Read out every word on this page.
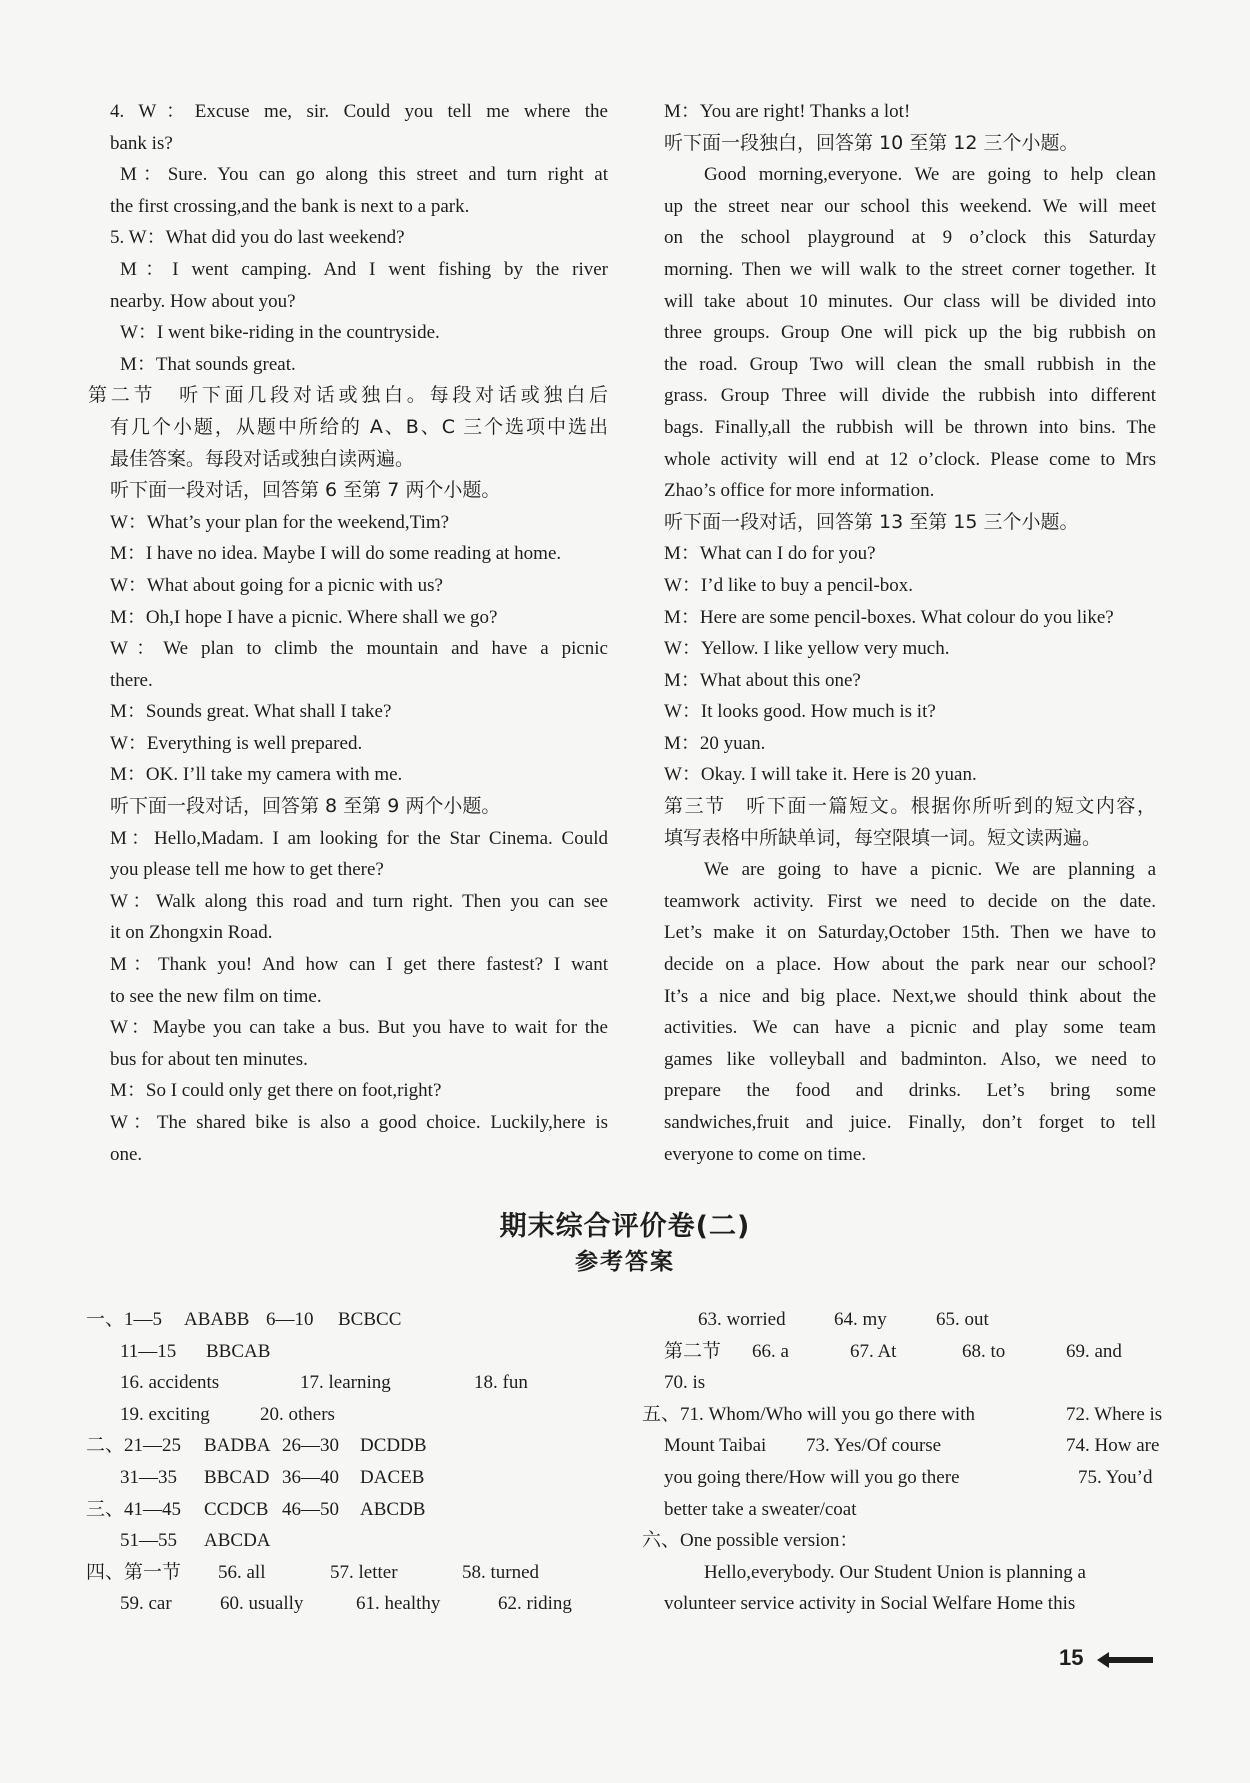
4. W：Excuse me, sir. Could you tell me where the

bank is?

M：Sure. You can go along this street and turn right at

the first crossing,and the bank is next to a park.

5. W：What did you do last weekend?

M：I went camping. And I went fishing by the river

nearby. How about you?

W：I went bike-riding in the countryside.

M：That sounds great.

第二节　听下面几段对话或独白。每段对话或独白后

有几个小题，从题中所给的 A、B、C 三个选项中选出

最佳答案。每段对话或独白读两遍。

听下面一段对话，回答第 6 至第 7 两个小题。

W：What’s your plan for the weekend,Tim?

M：I have no idea. Maybe I will do some reading at home.

W：What about going for a picnic with us?

M：Oh,I hope I have a picnic. Where shall we go?

W：We plan to climb the mountain and have a picnic

there.

M：Sounds great. What shall I take?

W：Everything is well prepared.

M：OK. I’ll take my camera with me.

听下面一段对话，回答第 8 至第 9 两个小题。

M：Hello,Madam. I am looking for the Star Cinema. Could

you please tell me how to get there?

W：Walk along this road and turn right. Then you can see

it on Zhongxin Road.

M：Thank you! And how can I get there fastest? I want

to see the new film on time.

W：Maybe you can take a bus. But you have to wait for the

bus for about ten minutes.

M：So I could only get there on foot,right?

W：The shared bike is also a good choice. Luckily,here is

one.

M：You are right! Thanks a lot!

听下面一段独白，回答第 10 至第 12 三个小题。

Good morning,everyone. We are going to help clean

up the street near our school this weekend. We will meet

on the school playground at 9 o’clock this Saturday

morning. Then we will walk to the street corner together. It

will take about 10 minutes. Our class will be divided into

three groups. Group One will pick up the big rubbish on

the road. Group Two will clean the small rubbish in the

grass. Group Three will divide the rubbish into different

bags. Finally,all the rubbish will be thrown into bins. The

whole activity will end at 12 o’clock. Please come to Mrs

Zhao’s office for more information.

听下面一段对话，回答第 13 至第 15 三个小题。

M：What can I do for you?

W：I’d like to buy a pencil-box.

M：Here are some pencil-boxes. What colour do you like?

W：Yellow. I like yellow very much.

M：What about this one?

W：It looks good. How much is it?

M：20 yuan.

W：Okay. I will take it. Here is 20 yuan.

第三节　听下面一篇短文。根据你所听到的短文内容，

填写表格中所缺单词，每空限填一词。短文读两遍。

We are going to have a picnic. We are planning a

teamwork activity. First we need to decide on the date.

Let’s make it on Saturday,October 15th. Then we have to

decide on a place. How about the park near our school?

It’s a nice and big place. Next,we should think about the

activities. We can have a picnic and play some team

games like volleyball and badminton. Also, we need to

prepare the food and drinks. Let’s bring some

sandwiches,fruit and juice. Finally, don’t forget to tell

everyone to come on time.

期末综合评价卷(二)
参考答案
一、1—5 ABABB 6—10 BCBCC
11—15 BBCAB
16. accidents	17. learning	18. fun
19. exciting	20. others
二、21—25 BADBA 26—30 DCDDB
31—35 BBCAD 36—40 DACEB
三、41—45 CCDCB 46—50 ABCDB
51—55 ABCDA
四、第一节 56. all	57. letter	58. turned
59. car	60. usually	61. healthy	62. riding
63. worried	64. my	65. out
第二节 66. a	67. At	68. to	69. and
70. is
五、71. Whom/Who will you go there with	72. Where is
Mount Taibai 73. Yes/Of course	74. How are
you going there/How will you go there	75. You’d
better take a sweater/coat
六、One possible version：
Hello,everybody. Our Student Union is planning a
volunteer service activity in Social Welfare Home this
15
